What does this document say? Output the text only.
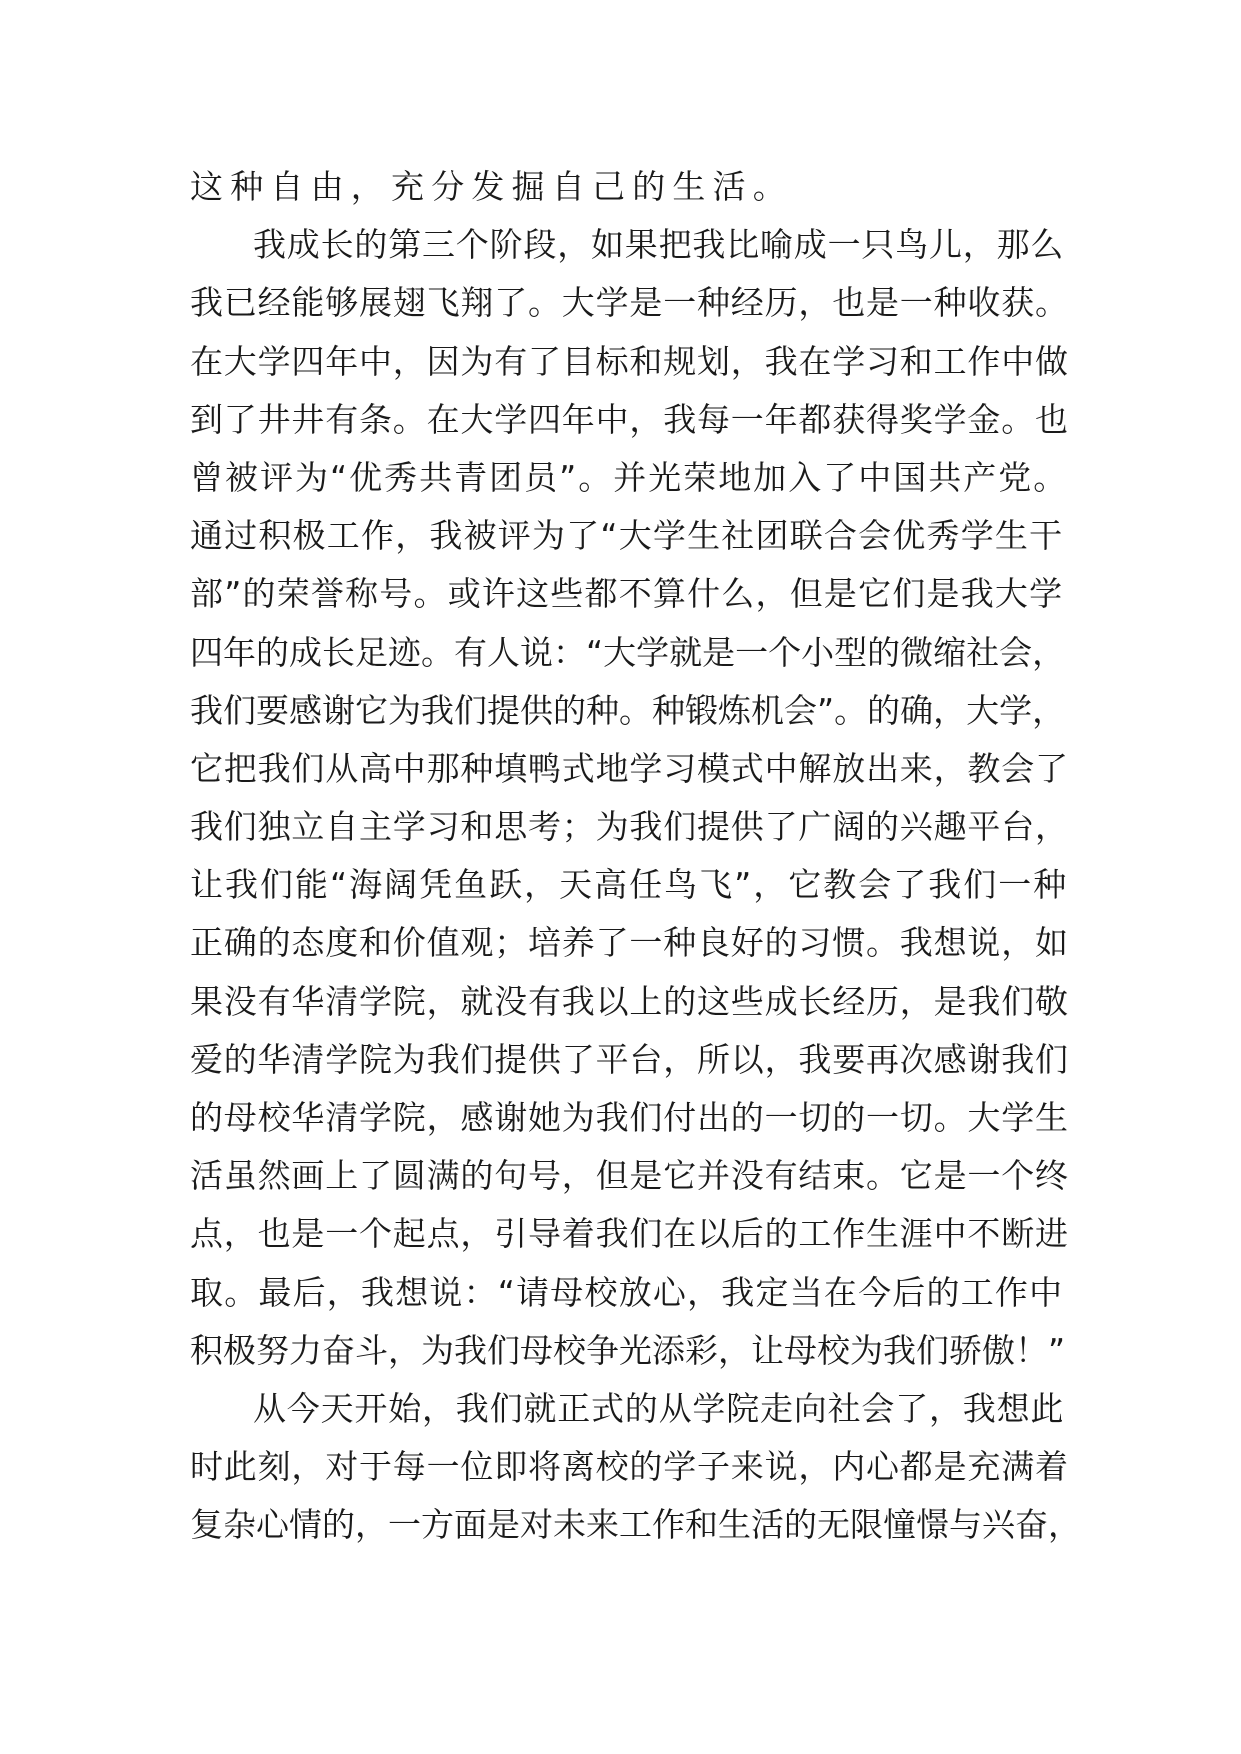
这种自由，充分发掘自己的生活。
我成长的第三个阶段，如果把我比喻成一只鸟儿，那么
我已经能够展翅飞翔了。大学是一种经历，也是一种收获。
在大学四年中，因为有了目标和规划，我在学习和工作中做
到了井井有条。在大学四年中，我每一年都获得奖学金。也
曾被评为“优秀共青团员”。并光荣地加入了中国共产党。
通过积极工作，我被评为了“大学生社团联合会优秀学生干
部”的荣誉称号。或许这些都不算什么，但是它们是我大学
四年的成长足迹。有人说：“大学就是一个小型的微缩社会，
我们要感谢它为我们提供的种。种锻炼机会”。的确，大学，
它把我们从高中那种填鸭式地学习模式中解放出来，教会了
我们独立自主学习和思考；为我们提供了广阔的兴趣平台，
让我们能“海阔凭鱼跃，天高任鸟飞”，它教会了我们一种
正确的态度和价值观；培养了一种良好的习惯。我想说，如
果没有华清学院，就没有我以上的这些成长经历，是我们敬
爱的华清学院为我们提供了平台，所以，我要再次感谢我们
的母校华清学院，感谢她为我们付出的一切的一切。大学生
活虽然画上了圆满的句号，但是它并没有结束。它是一个终
点，也是一个起点，引导着我们在以后的工作生涯中不断进
取。最后，我想说：“请母校放心，我定当在今后的工作中
积极努力奋斗，为我们母校争光添彩，让母校为我们骄傲！”
从今天开始，我们就正式的从学院走向社会了，我想此
时此刻，对于每一位即将离校的学子来说，内心都是充满着
复杂心情的，一方面是对未来工作和生活的无限憧憬与兴奋，
